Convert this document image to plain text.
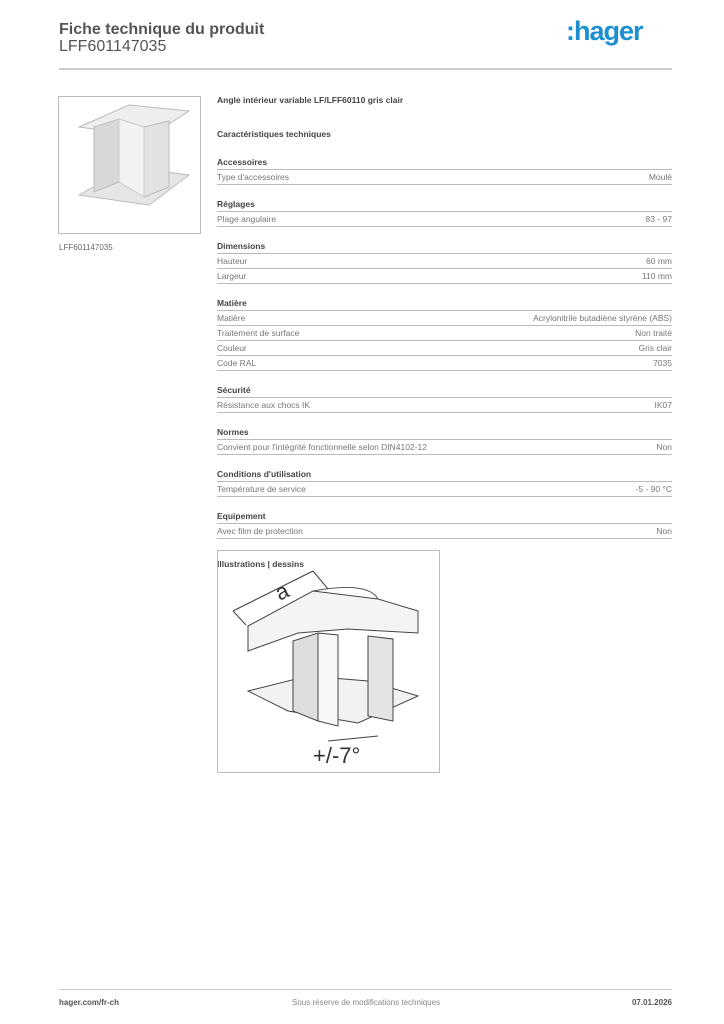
Fiche technique du produit
LFF601147035
:hager
LFF601147035
Angle intérieur variable LF/LFF60110 gris clair
Caractéristiques techniques
Accessoires
Type d'accessoires	Moulé
Réglages
Plage angulaire	83 - 97
Dimensions
Hauteur	60 mm
Largeur	110 mm
Matière
Matière	Acrylonitrile butadiène styrène (ABS)
Traitement de surface	Non traité
Couleur	Gris clair
Code RAL	7035
Sécurité
Résistance aux chocs IK	IK07
Normes
Convient pour l'intégrité fonctionnelle selon DIN4102-12	Non
Conditions d'utilisation
Température de service	-5 - 90 °C
Equipement
Avec film de protection	Non
Illustrations | dessins
a
+/-7°
hager.com/fr-ch	Sous réserve de modifications techniques	07.01.2026
